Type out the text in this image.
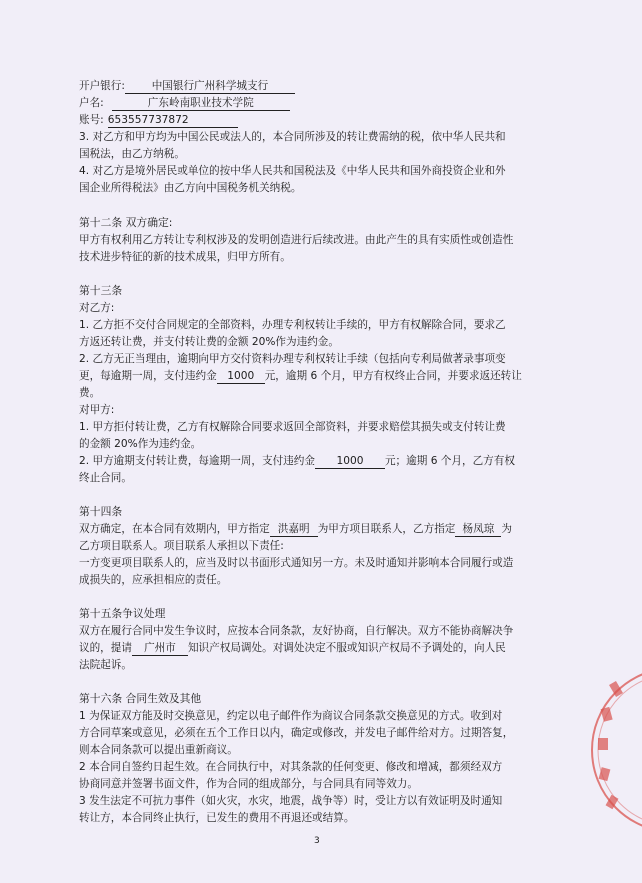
开户银行:	中国银行广州科学城支行
户名:	广东岭南职业技术学院
账号: 653557737872
3. 对乙方和甲方均为中国公民或法人的，本合同所涉及的转让费需纳的税，依中华人民共和
国税法，由乙方纳税。
4. 对乙方是境外居民或单位的按中华人民共和国税法及《中华人民共和国外商投资企业和外
国企业所得税法》由乙方向中国税务机关纳税。
第十二条 双方确定:
甲方有权利用乙方转让专利权涉及的发明创造进行后续改进。由此产生的具有实质性或创造性
技术进步特征的新的技术成果，归甲方所有。
第十三条
对乙方:
1. 乙方拒不交付合同规定的全部资料，办理专利权转让手续的，甲方有权解除合同，要求乙
方返还转让费，并支付转让费的金额 20%作为违约金。
2. 乙方无正当理由，逾期向甲方交付资料办理专利权转让手续（包括向专利局做著录事项变
更，每逾期一周，支付违约金 1000 元，逾期 6 个月，甲方有权终止合同，并要求返还转让
费。
对甲方:
1. 甲方拒付转让费，乙方有权解除合同要求返回全部资料，并要求赔偿其损失或支付转让费
的金额 20%作为违约金。
2. 甲方逾期支付转让费，每逾期一周，支付违约金 1000 元；逾期 6 个月，乙方有权
终止合同。
第十四条
双方确定，在本合同有效期内，甲方指定 洪嘉明 为甲方项目联系人，乙方指定 杨凤琼 为
乙方项目联系人。项目联系人承担以下责任:
一方变更项目联系人的，应当及时以书面形式通知另一方。未及时通知并影响本合同履行或造
成损失的，应承担相应的责任。
第十五条争议处理
双方在履行合同中发生争议时，应按本合同条款，友好协商，自行解决。双方不能协商解决争
议的，提请 广州市 知识产权局调处。对调处决定不服或知识产权局不予调处的，向人民
法院起诉。
第十六条 合同生效及其他
1 为保证双方能及时交换意见，约定以电子邮件作为商议合同条款交换意见的方式。收到对
方合同草案或意见，必须在五个工作日以内，确定或修改，并发电子邮件给对方。过期答复，
则本合同条款可以提出重新商议。
2 本合同自签约日起生效。在合同执行中，对其条款的任何变更、修改和增减，都须经双方
协商同意并签署书面文件，作为合同的组成部分，与合同具有同等效力。
3 发生法定不可抗力事件（如火灾，水灾，地震，战争等）时，受让方以有效证明及时通知
转让方，本合同终止执行，已发生的费用不再退还或结算。
3
